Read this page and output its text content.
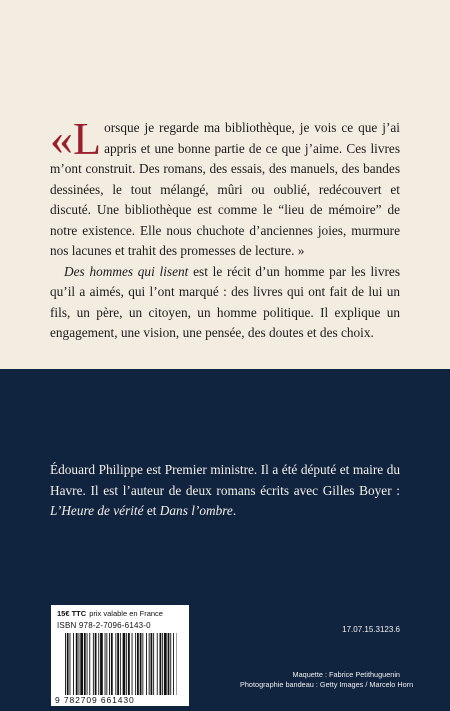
«L orsque je regarde ma bibliothèque, je vois ce que j’ai appris et une bonne partie de ce que j’aime. Ces livres m’ont construit. Des romans, des essais, des manuels, des bandes dessinées, le tout mélangé, mûri ou oublié, redécouvert et discuté. Une bibliothèque est comme le “lieu de mémoire” de notre existence. Elle nous chuchote d’anciennes joies, murmure nos lacunes et trahit des promesses de lecture. »

Des hommes qui lisent est le récit d’un homme par les livres qu’il a aimés, qui l’ont marqué : des livres qui ont fait de lui un fils, un père, un citoyen, un homme politique. Il explique un engagement, une vision, une pensée, des doutes et des choix.

Édouard Philippe est Premier ministre. Il a été député et maire du Havre. Il est l’auteur de deux romans écrits avec Gilles Boyer : L’Heure de vérité et Dans l’ombre.

15€ TTC prix valable en France
ISBN 978-2-7096-6143-0
9 782709 661430
17.07.15.3123.6
Maquette : Fabrice Petithuguenin
Photographie bandeau : Getty Images / Marcelo Horn
